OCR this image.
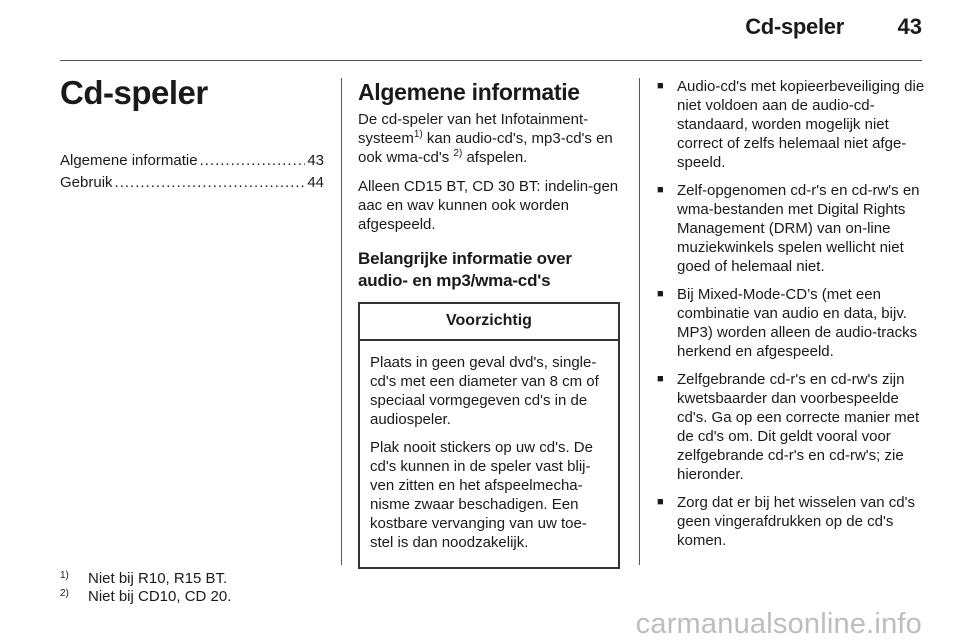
Cd-speler 43
Cd-speler
Algemene informatie .....	43
Gebruik .....	44
1)	Niet bij R10, R15 BT.
2)	Niet bij CD10, CD 20.
Algemene informatie

De cd-speler van het Infotainment-systeem$^{1)}$ kan audio-cd's, mp3-cd's en ook wma-cd's $^{2)}$ afspelen.

Alleen CD15 BT, CD 30 BT: indelin-gen aac en wav kunnen ook worden afgespeeld.

Belangrijke informatie over audio- en mp3/wma-cd's
Voorzichtig

Plaats in geen geval dvd's, single-cd's met een diameter van 8 cm of speciaal vormgegeven cd's in de audiospeler.

Plak nooit stickers op uw cd's. De cd's kunnen in de speler vast blij-ven zitten en het afspeelmecha-nisme zwaar beschadigen. Een kostbare vervanging van uw toe-stel is dan noodzakelijk.

■ Audio-cd's met kopieerbeveiliging die niet voldoen aan de audio-cd-standaard, worden mogelijk niet correct of zelfs helemaal niet afge-speeld.
■ Zelf-opgenomen cd-r's en cd-rw's en wma-bestanden met Digital Rights Management (DRM) van on-line muziekwinkels spelen wellicht niet goed of helemaal niet.
■ Bij Mixed-Mode-CD’s (met een combinatie van audio en data, bijv. MP3) worden alleen de audio-tracks herkend en afgespeeld.
■ Zelfgebrande cd-r's en cd-rw's zijn kwetsbaarder dan voorbespeelde cd's. Ga op een correcte manier met de cd's om. Dit geldt vooral voor zelfgebrande cd-r's en cd-rw's; zie hieronder.
■ Zorg dat er bij het wisselen van cd's geen vingerafdrukken op de cd's komen.
carmanualsonline.info
